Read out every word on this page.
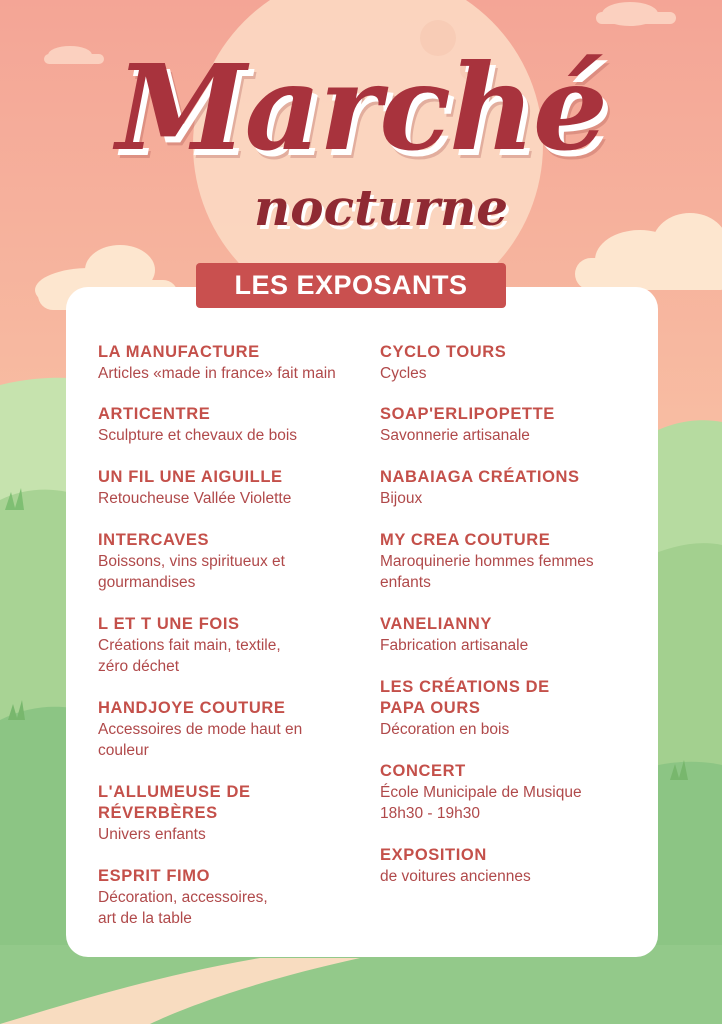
Marché
nocturne
LES EXPOSANTS
LA MANUFACTURE
Articles «made in france» fait main
ARTICENTRE
Sculpture et chevaux de bois
UN FIL UNE AIGUILLE
Retoucheuse Vallée Violette
INTERCAVES
Boissons, vins spiritueux et
gourmandises
L ET T UNE FOIS
Créations fait main, textile,
zéro déchet
HANDJOYE COUTURE
Accessoires de mode haut en
couleur
L'ALLUMEUSE DE RÉVERBÈRES
Univers enfants
ESPRIT FIMO
Décoration, accessoires,
art de la table
CYCLO TOURS
Cycles
SOAP'ERLIPOPETTE
Savonnerie artisanale
NABAIAGA CRÉATIONS
Bijoux
MY CREA COUTURE
Maroquinerie hommes femmes
enfants
VANELIANNY
Fabrication artisanale
LES CRÉATIONS DE PAPA OURS
Décoration en bois
CONCERT
École Municipale de Musique
18h30 - 19h30
EXPOSITION
de voitures anciennes
